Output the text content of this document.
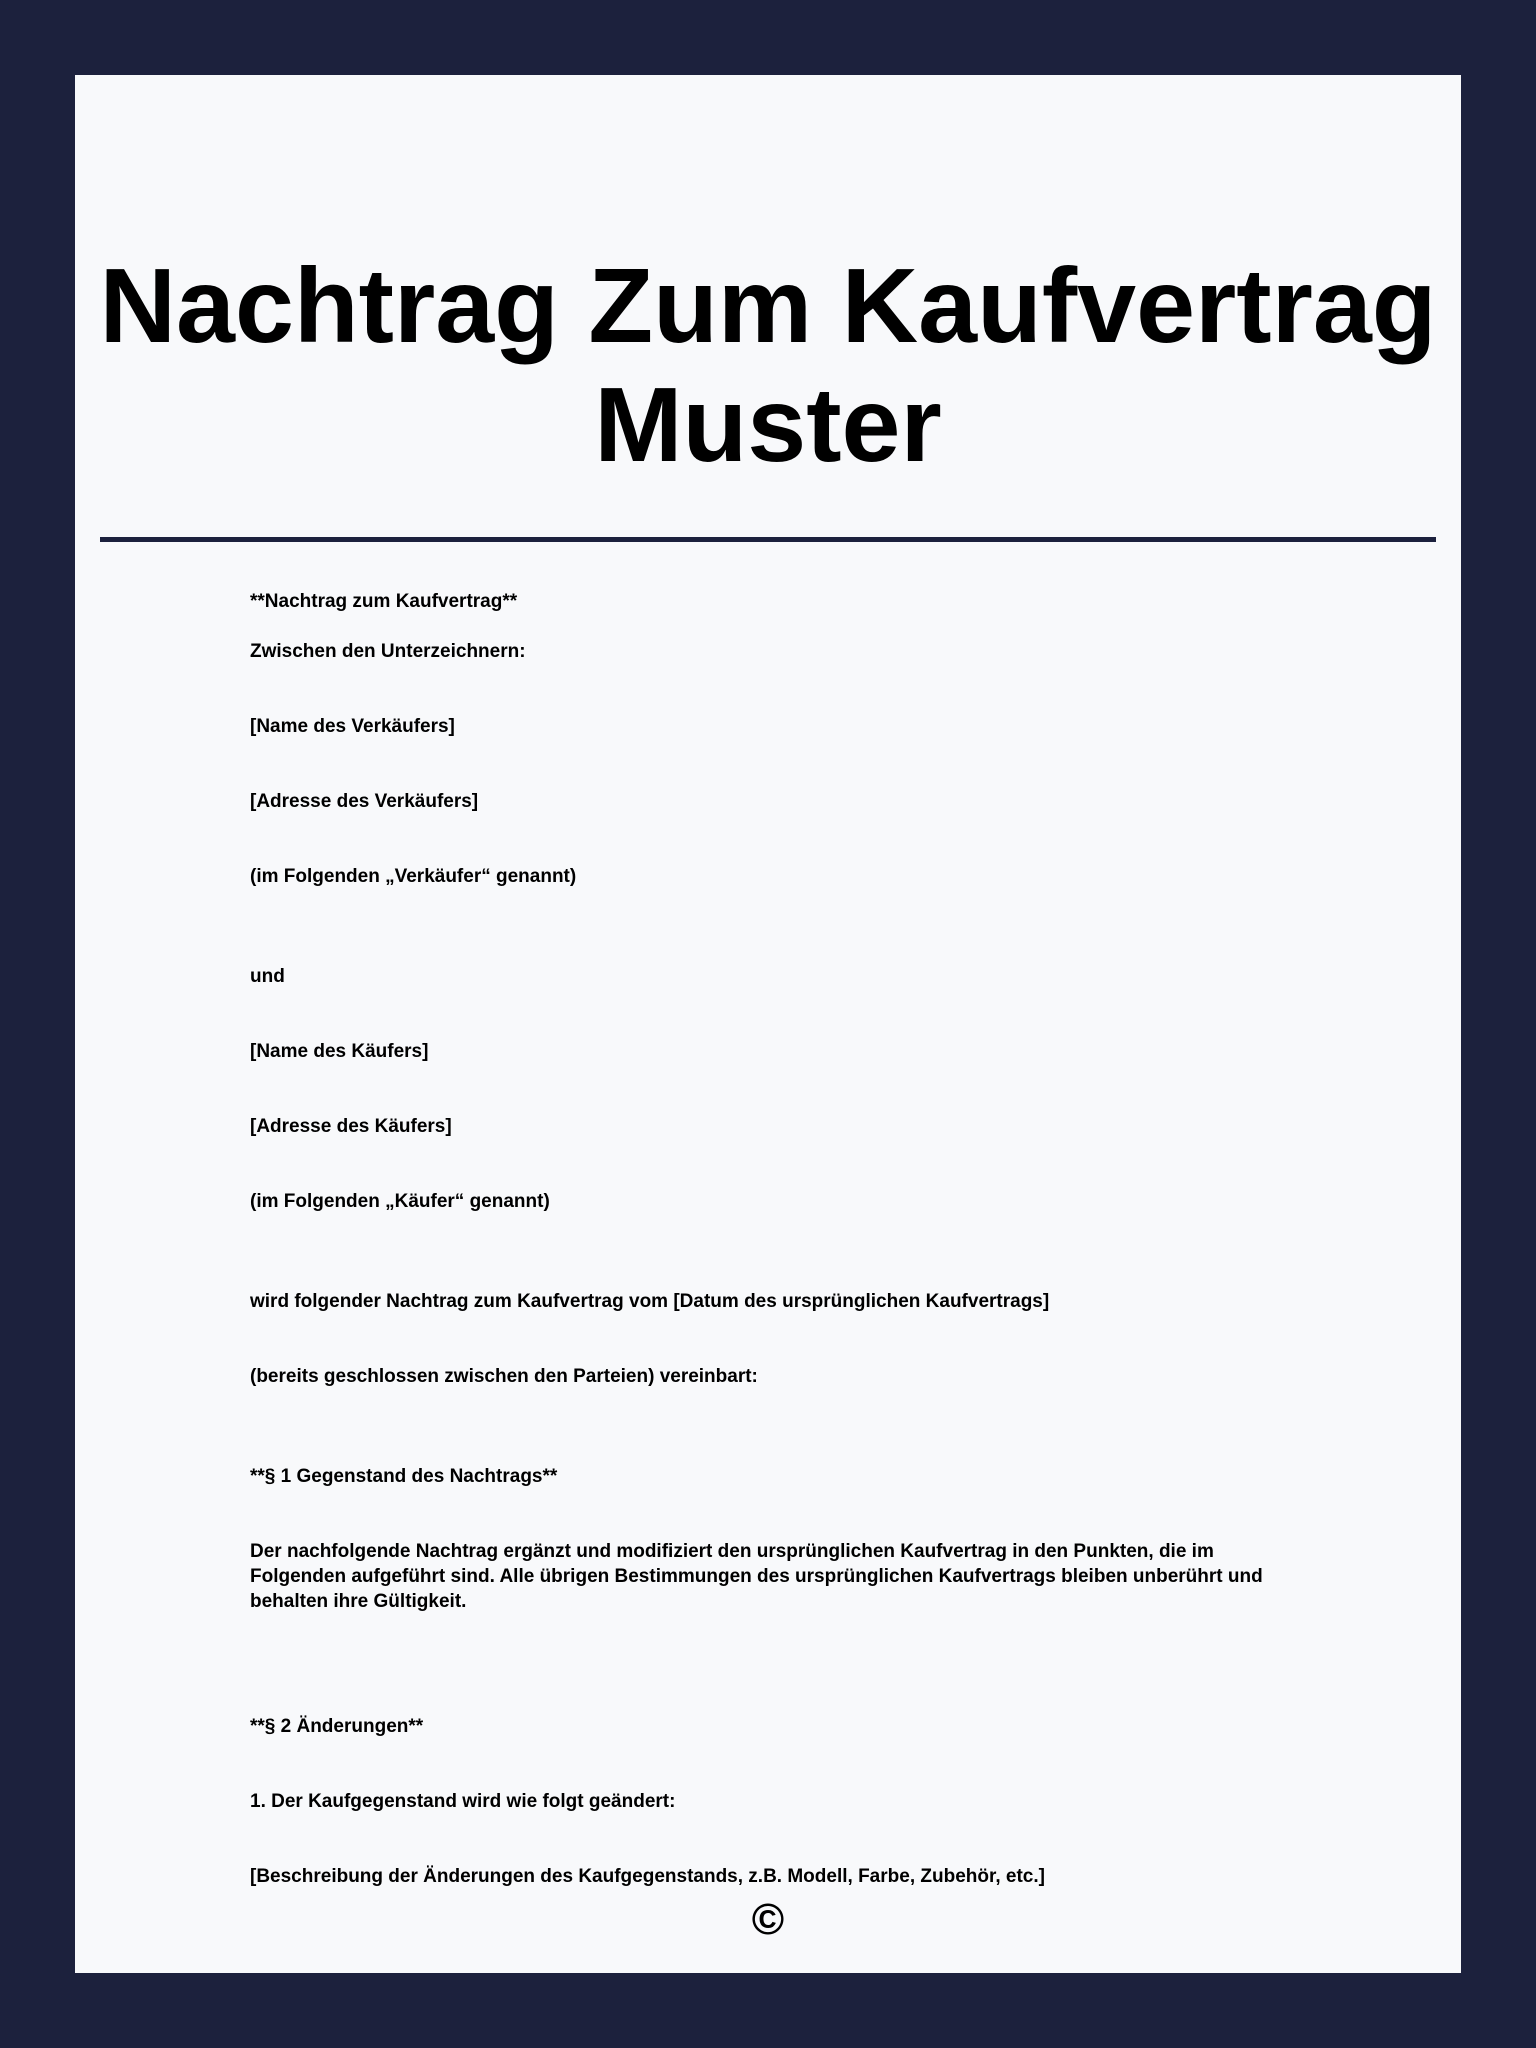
Nachtrag Zum Kaufvertrag Muster

**Nachtrag zum Kaufvertrag**

Zwischen den Unterzeichnern:

[Name des Verkäufers]

[Adresse des Verkäufers]

(im Folgenden „Verkäufer“ genannt)

und

[Name des Käufers]

[Adresse des Käufers]

(im Folgenden „Käufer“ genannt)

wird folgender Nachtrag zum Kaufvertrag vom [Datum des ursprünglichen Kaufvertrags]

(bereits geschlossen zwischen den Parteien) vereinbart:

**§ 1 Gegenstand des Nachtrags**

Der nachfolgende Nachtrag ergänzt und modifiziert den ursprünglichen Kaufvertrag in den Punkten, die im Folgenden aufgeführt sind. Alle übrigen Bestimmungen des ursprünglichen Kaufvertrags bleiben unberührt und behalten ihre Gültigkeit.

**§ 2 Änderungen**

1. Der Kaufgegenstand wird wie folgt geändert:

[Beschreibung der Änderungen des Kaufgegenstands, z.B. Modell, Farbe, Zubehör, etc.]

©
